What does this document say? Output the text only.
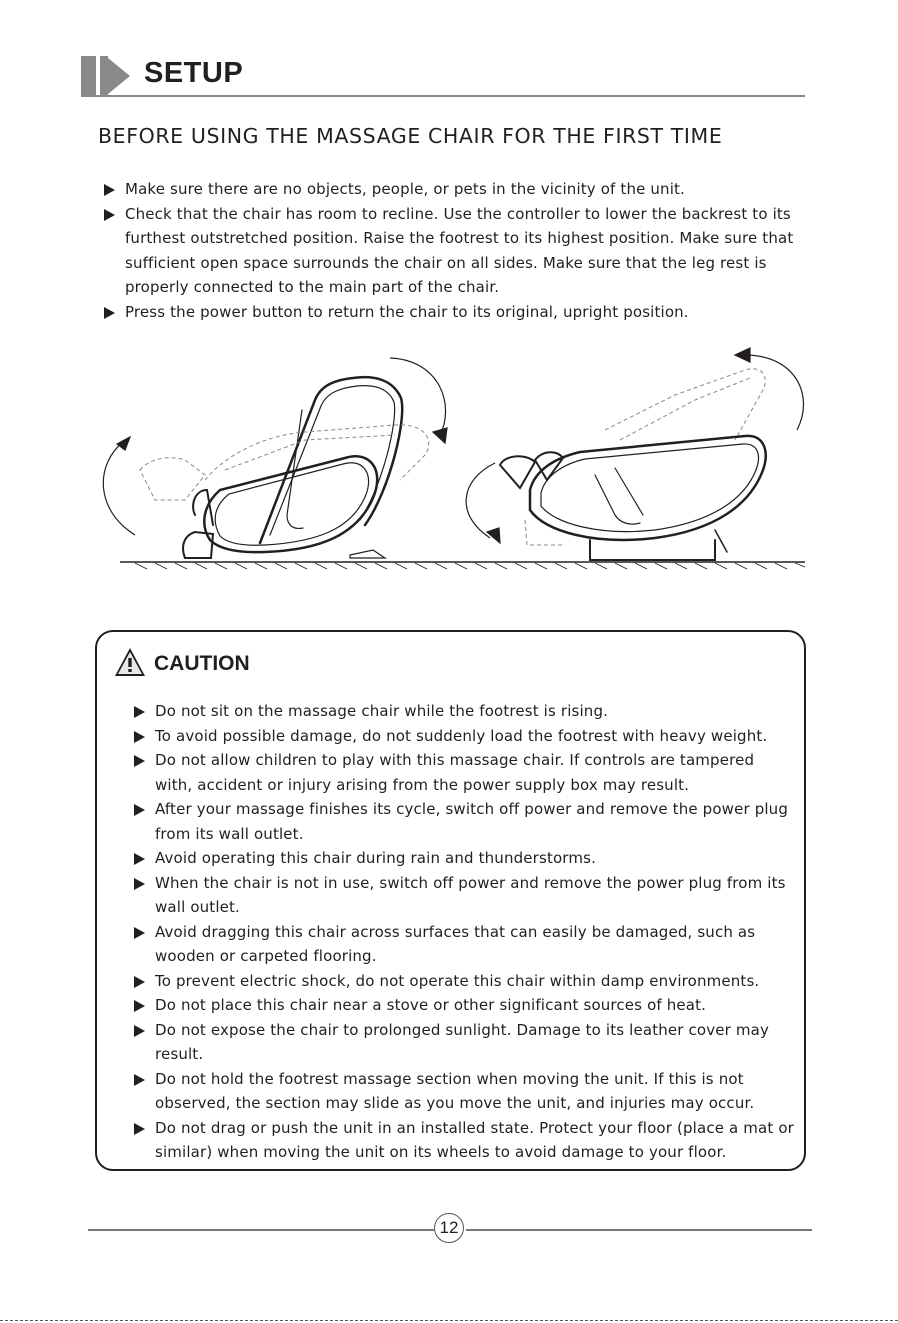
SETUP
BEFORE USING THE MASSAGE CHAIR FOR THE FIRST TIME
Make sure there are no objects, people, or pets in the vicinity of the unit.
Check that the chair has room to recline. Use the controller to lower the backrest to its furthest outstretched position. Raise the footrest to its highest position. Make sure that sufficient open space surrounds the chair on all sides. Make sure that the leg rest is properly connected to the main part of the chair.
Press the power button to return the chair to its original, upright position.
CAUTION
Do not sit on the massage chair while the footrest is rising.
To avoid possible damage, do not suddenly load the footrest with heavy weight.
Do not allow children to play with this massage chair. If controls are tampered with, accident or injury arising from the power supply box may result.
After your massage finishes its cycle, switch off power and remove the power plug from its wall outlet.
Avoid operating this chair during rain and thunderstorms.
When the chair is not in use, switch off power and remove the power plug from its wall outlet.
Avoid dragging this chair across surfaces that can easily be damaged, such as wooden or carpeted flooring.
To prevent electric shock, do not operate this chair within damp environments.
Do not place this chair near a stove or other significant sources of heat.
Do not expose the chair to prolonged sunlight. Damage to its leather cover may result.
Do not hold the footrest massage section when moving the unit. If this is not observed, the section may slide as you move the unit, and injuries may occur.
Do not drag or push the unit in an installed state. Protect your floor (place a mat or similar) when moving the unit on its wheels to avoid damage to your floor.
12
